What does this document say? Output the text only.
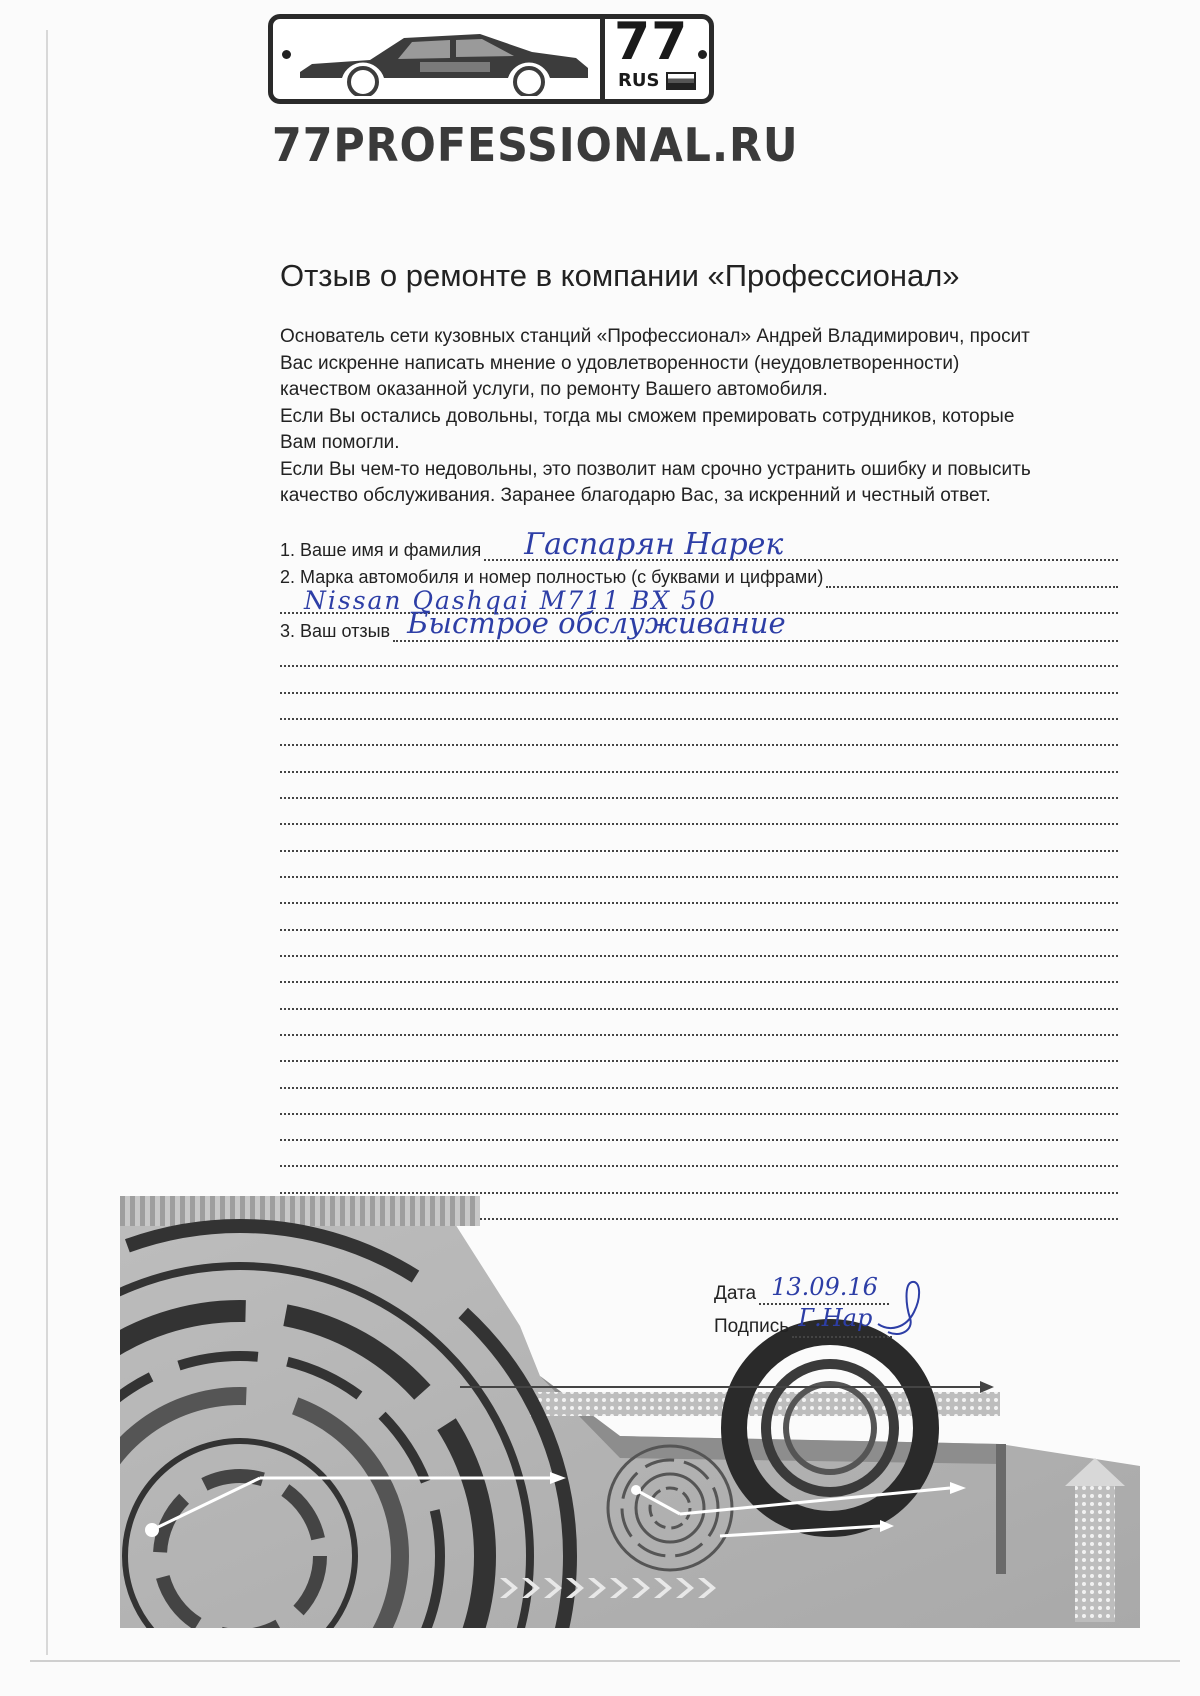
77
RUS
77PROFESSIONAL.RU
Отзыв о ремонте в компании «Профессионал»

Основатель сети кузовных станций «Профессионал» Андрей Владимирович, просит

Вас искренне написать мнение о удовлетворенности (неудовлетворенности)

качеством оказанной услуги, по ремонту Вашего автомобиля.

Если Вы остались довольны, тогда мы сможем премировать сотрудников, которые

Вам помогли.

Если Вы чем-то недовольны, это позволит нам срочно устранить ошибку и повысить

качество обслуживания. Заранее благодарю Вас, за искренний и честный ответ.

1. Ваше имя и фамилия Гаспарян Нарек
2. Марка автомобиля и номер полностью (с буквами и цифрами)
Nissan Qashqai M711 BX 50
3. Ваш отзыв Быстрое обслуживание
Дата 13.09.16
Подпись Г.Нар
